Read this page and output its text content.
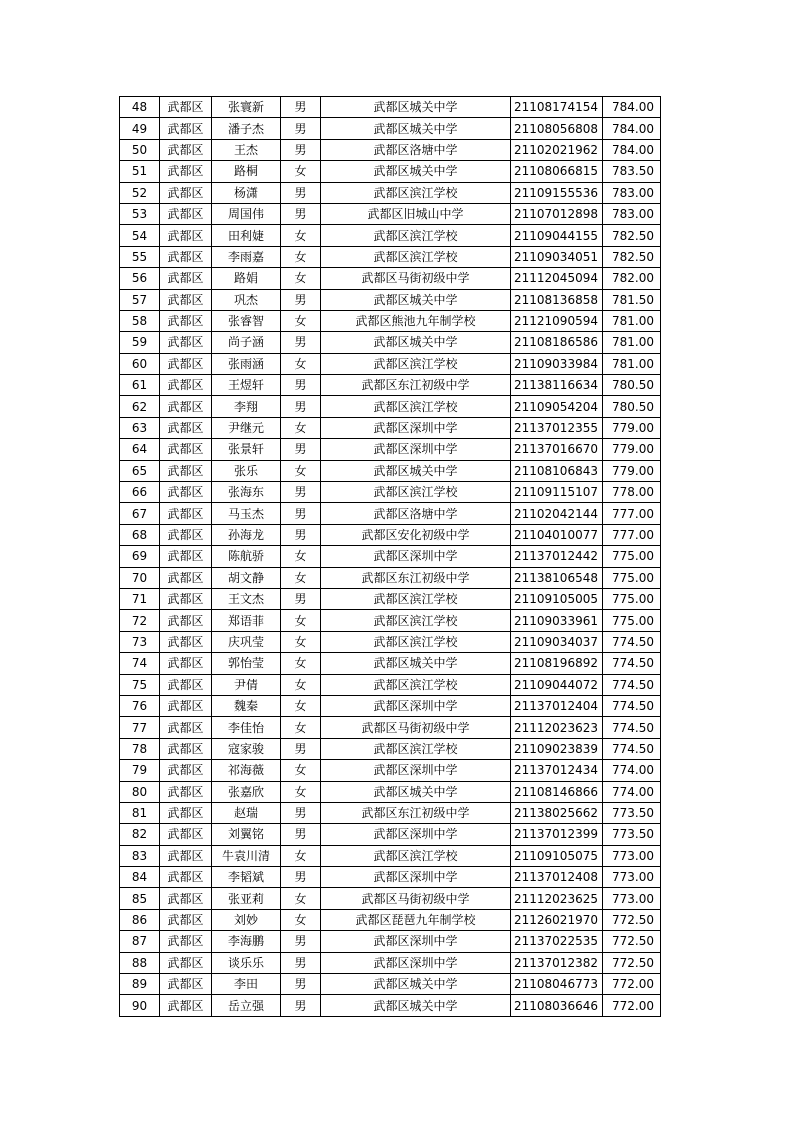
48	武都区	张寰新	男	武都区城关中学	21108174154	784.00
49	武都区	潘子杰	男	武都区城关中学	21108056808	784.00
50	武都区	王杰	男	武都区洛塘中学	21102021962	784.00
51	武都区	路桐	女	武都区城关中学	21108066815	783.50
52	武都区	杨潇	男	武都区滨江学校	21109155536	783.00
53	武都区	周国伟	男	武都区旧城山中学	21107012898	783.00
54	武都区	田利婕	女	武都区滨江学校	21109044155	782.50
55	武都区	李雨嘉	女	武都区滨江学校	21109034051	782.50
56	武都区	路娟	女	武都区马街初级中学	21112045094	782.00
57	武都区	巩杰	男	武都区城关中学	21108136858	781.50
58	武都区	张睿智	女	武都区熊池九年制学校	21121090594	781.00
59	武都区	尚子涵	男	武都区城关中学	21108186586	781.00
60	武都区	张雨涵	女	武都区滨江学校	21109033984	781.00
61	武都区	王煜轩	男	武都区东江初级中学	21138116634	780.50
62	武都区	李翔	男	武都区滨江学校	21109054204	780.50
63	武都区	尹继元	女	武都区深圳中学	21137012355	779.00
64	武都区	张景轩	男	武都区深圳中学	21137016670	779.00
65	武都区	张乐	女	武都区城关中学	21108106843	779.00
66	武都区	张海东	男	武都区滨江学校	21109115107	778.00
67	武都区	马玉杰	男	武都区洛塘中学	21102042144	777.00
68	武都区	孙海龙	男	武都区安化初级中学	21104010077	777.00
69	武都区	陈航骄	女	武都区深圳中学	21137012442	775.00
70	武都区	胡文静	女	武都区东江初级中学	21138106548	775.00
71	武都区	王文杰	男	武都区滨江学校	21109105005	775.00
72	武都区	郑语菲	女	武都区滨江学校	21109033961	775.00
73	武都区	庆巩莹	女	武都区滨江学校	21109034037	774.50
74	武都区	郭怡莹	女	武都区城关中学	21108196892	774.50
75	武都区	尹倩	女	武都区滨江学校	21109044072	774.50
76	武都区	魏秦	女	武都区深圳中学	21137012404	774.50
77	武都区	李佳怡	女	武都区马街初级中学	21112023623	774.50
78	武都区	寇家骏	男	武都区滨江学校	21109023839	774.50
79	武都区	祁海薇	女	武都区深圳中学	21137012434	774.00
80	武都区	张嘉欣	女	武都区城关中学	21108146866	774.00
81	武都区	赵瑞	男	武都区东江初级中学	21138025662	773.50
82	武都区	刘翼铭	男	武都区深圳中学	21137012399	773.50
83	武都区	牛袁川清	女	武都区滨江学校	21109105075	773.00
84	武都区	李韬斌	男	武都区深圳中学	21137012408	773.00
85	武都区	张亚莉	女	武都区马街初级中学	21112023625	773.00
86	武都区	刘妙	女	武都区琵琶九年制学校	21126021970	772.50
87	武都区	李海鹏	男	武都区深圳中学	21137022535	772.50
88	武都区	谈乐乐	男	武都区深圳中学	21137012382	772.50
89	武都区	李田	男	武都区城关中学	21108046773	772.00
90	武都区	岳立强	男	武都区城关中学	21108036646	772.00
